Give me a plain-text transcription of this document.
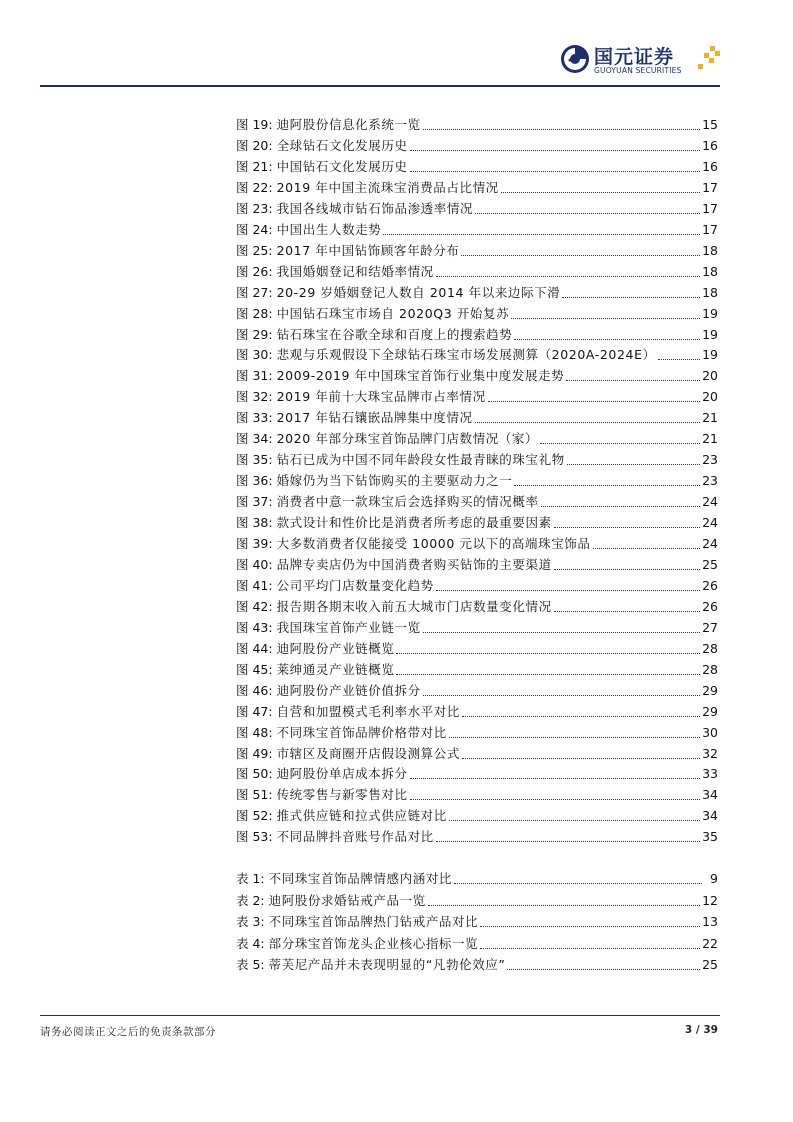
国元证券
GUOYUAN SECURITIES
图 19:
迪阿股份信息化系统一览	15
图 20:
全球钻石文化发展历史	16
图 21:
中国钻石文化发展历史	16
图 22:
2019 年中国主流珠宝消费品占比情况	17
图 23:
我国各线城市钻石饰品渗透率情况	17
图 24:
中国出生人数走势	17
图 25:
2017 年中国钻饰顾客年龄分布	18
图 26:
我国婚姻登记和结婚率情况	18
图 27:
20-29 岁婚姻登记人数自 2014 年以来边际下滑	18
图 28:
中国钻石珠宝市场自 2020Q3 开始复苏	19
图 29:
钻石珠宝在谷歌全球和百度上的搜索趋势	19
图 30:
悲观与乐观假设下全球钻石珠宝市场发展测算（2020A-2024E）	19
图 31:
2009-2019 年中国珠宝首饰行业集中度发展走势	20
图 32:
2019 年前十大珠宝品牌市占率情况	20
图 33:
2017 年钻石镶嵌品牌集中度情况	21
图 34:
2020 年部分珠宝首饰品牌门店数情况（家）	21
图 35:
钻石已成为中国不同年龄段女性最青睐的珠宝礼物	23
图 36:
婚嫁仍为当下钻饰购买的主要驱动力之一	23
图 37:
消费者中意一款珠宝后会选择购买的情况概率	24
图 38:
款式设计和性价比是消费者所考虑的最重要因素	24
图 39:
大多数消费者仅能接受 10000 元以下的高端珠宝饰品	24
图 40:
品牌专卖店仍为中国消费者购买钻饰的主要渠道	25
图 41:
公司平均门店数量变化趋势	26
图 42:
报告期各期末收入前五大城市门店数量变化情况	26
图 43:
我国珠宝首饰产业链一览	27
图 44:
迪阿股份产业链概览	28
图 45:
莱绅通灵产业链概览	28
图 46:
迪阿股份产业链价值拆分	29
图 47:
自营和加盟模式毛利率水平对比	29
图 48:
不同珠宝首饰品牌价格带对比	30
图 49:
市辖区及商圈开店假设测算公式	32
图 50:
迪阿股份单店成本拆分	33
图 51:
传统零售与新零售对比	34
图 52:
推式供应链和拉式供应链对比	34
图 53:
不同品牌抖音账号作品对比	35
表 1:
不同珠宝首饰品牌情感内涵对比	9
表 2:
迪阿股份求婚钻戒产品一览	12
表 3:
不同珠宝首饰品牌热门钻戒产品对比	13
表 4:
部分珠宝首饰龙头企业核心指标一览	22
表 5:
蒂芙尼产品并未表现明显的“凡勃伦效应”	25
请务必阅读正文之后的免责条款部分	3 / 39
